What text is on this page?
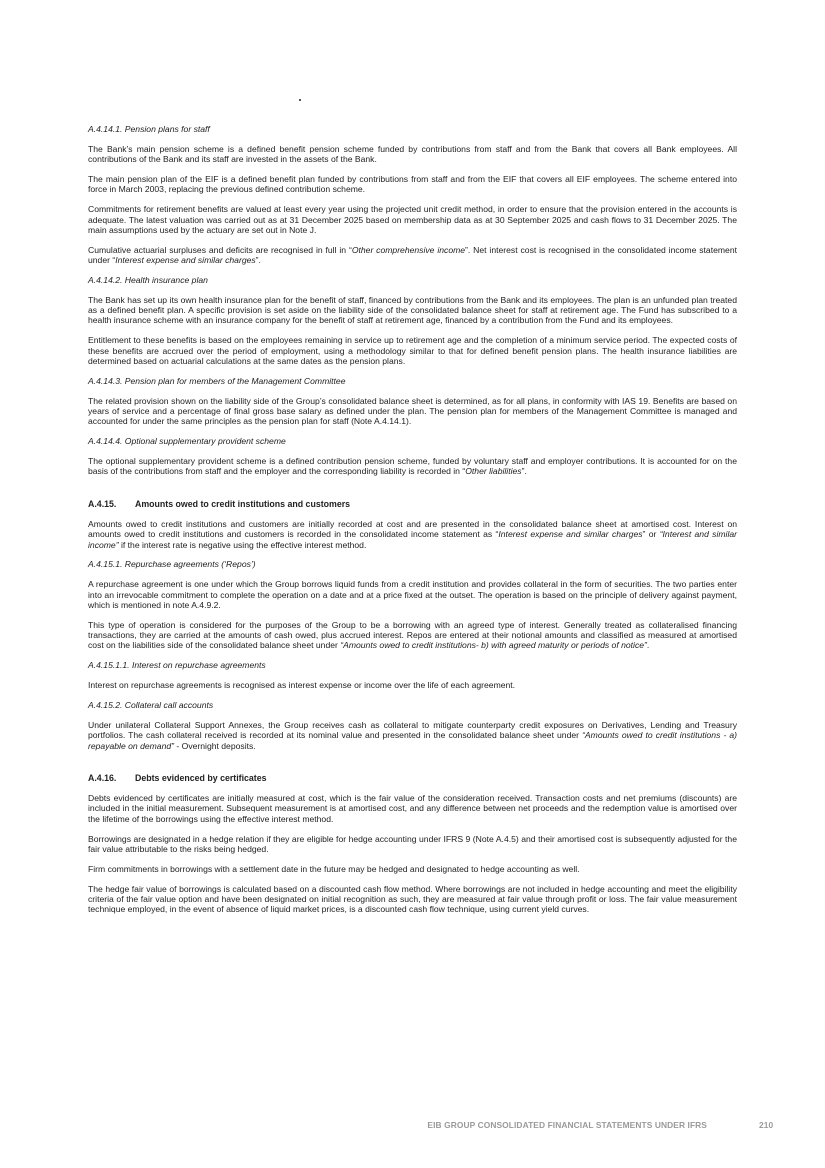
A.4.14.1. Pension plans for staff

The Bank’s main pension scheme is a defined benefit pension scheme funded by contributions from staff and from the Bank that covers all Bank employees. All contributions of the Bank and its staff are invested in the assets of the Bank.

The main pension plan of the EIF is a defined benefit plan funded by contributions from staff and from the EIF that covers all EIF employees. The scheme entered into force in March 2003, replacing the previous defined contribution scheme.

Commitments for retirement benefits are valued at least every year using the projected unit credit method, in order to ensure that the provision entered in the accounts is adequate. The latest valuation was carried out as at 31 December 2025 based on membership data as at 30 September 2025 and cash flows to 31 December 2025. The main assumptions used by the actuary are set out in Note J.

Cumulative actuarial surpluses and deficits are recognised in full in “Other comprehensive income”. Net interest cost is recognised in the consolidated income statement under “Interest expense and similar charges”.

A.4.14.2. Health insurance plan

The Bank has set up its own health insurance plan for the benefit of staff, financed by contributions from the Bank and its employees. The plan is an unfunded plan treated as a defined benefit plan. A specific provision is set aside on the liability side of the consolidated balance sheet for staff at retirement age. The Fund has subscribed to a health insurance scheme with an insurance company for the benefit of staff at retirement age, financed by a contribution from the Fund and its employees.

Entitlement to these benefits is based on the employees remaining in service up to retirement age and the completion of a minimum service period. The expected costs of these benefits are accrued over the period of employment, using a methodology similar to that for defined benefit pension plans. The health insurance liabilities are determined based on actuarial calculations at the same dates as the pension plans.

A.4.14.3. Pension plan for members of the Management Committee

The related provision shown on the liability side of the Group’s consolidated balance sheet is determined, as for all plans, in conformity with IAS 19. Benefits are based on years of service and a percentage of final gross base salary as defined under the plan. The pension plan for members of the Management Committee is managed and accounted for under the same principles as the pension plan for staff (Note A.4.14.1).

A.4.14.4. Optional supplementary provident scheme

The optional supplementary provident scheme is a defined contribution pension scheme, funded by voluntary staff and employer contributions. It is accounted for on the basis of the contributions from staff and the employer and the corresponding liability is recorded in “Other liabilities”.

A.4.15. Amounts owed to credit institutions and customers

Amounts owed to credit institutions and customers are initially recorded at cost and are presented in the consolidated balance sheet at amortised cost. Interest on amounts owed to credit institutions and customers is recorded in the consolidated income statement as “Interest expense and similar charges” or “Interest and similar income” if the interest rate is negative using the effective interest method.

A.4.15.1. Repurchase agreements (‘Repos’)

A repurchase agreement is one under which the Group borrows liquid funds from a credit institution and provides collateral in the form of securities. The two parties enter into an irrevocable commitment to complete the operation on a date and at a price fixed at the outset. The operation is based on the principle of delivery against payment, which is mentioned in note A.4.9.2.

This type of operation is considered for the purposes of the Group to be a borrowing with an agreed type of interest. Generally treated as collateralised financing transactions, they are carried at the amounts of cash owed, plus accrued interest. Repos are entered at their notional amounts and classified as measured at amortised cost on the liabilities side of the consolidated balance sheet under “Amounts owed to credit institutions- b) with agreed maturity or periods of notice”.

A.4.15.1.1. Interest on repurchase agreements

Interest on repurchase agreements is recognised as interest expense or income over the life of each agreement.

A.4.15.2. Collateral call accounts

Under unilateral Collateral Support Annexes, the Group receives cash as collateral to mitigate counterparty credit exposures on Derivatives, Lending and Treasury portfolios. The cash collateral received is recorded at its nominal value and presented in the consolidated balance sheet under “Amounts owed to credit institutions - a) repayable on demand” - Overnight deposits.

A.4.16. Debts evidenced by certificates

Debts evidenced by certificates are initially measured at cost, which is the fair value of the consideration received. Transaction costs and net premiums (discounts) are included in the initial measurement. Subsequent measurement is at amortised cost, and any difference between net proceeds and the redemption value is amortised over the lifetime of the borrowings using the effective interest method.

Borrowings are designated in a hedge relation if they are eligible for hedge accounting under IFRS 9 (Note A.4.5) and their amortised cost is subsequently adjusted for the fair value attributable to the risks being hedged.

Firm commitments in borrowings with a settlement date in the future may be hedged and designated to hedge accounting as well.

The hedge fair value of borrowings is calculated based on a discounted cash flow method. Where borrowings are not included in hedge accounting and meet the eligibility criteria of the fair value option and have been designated on initial recognition as such, they are measured at fair value through profit or loss. The fair value measurement technique employed, in the event of absence of liquid market prices, is a discounted cash flow technique, using current yield curves.

EIB GROUP CONSOLIDATED FINANCIAL STATEMENTS UNDER IFRS	210
